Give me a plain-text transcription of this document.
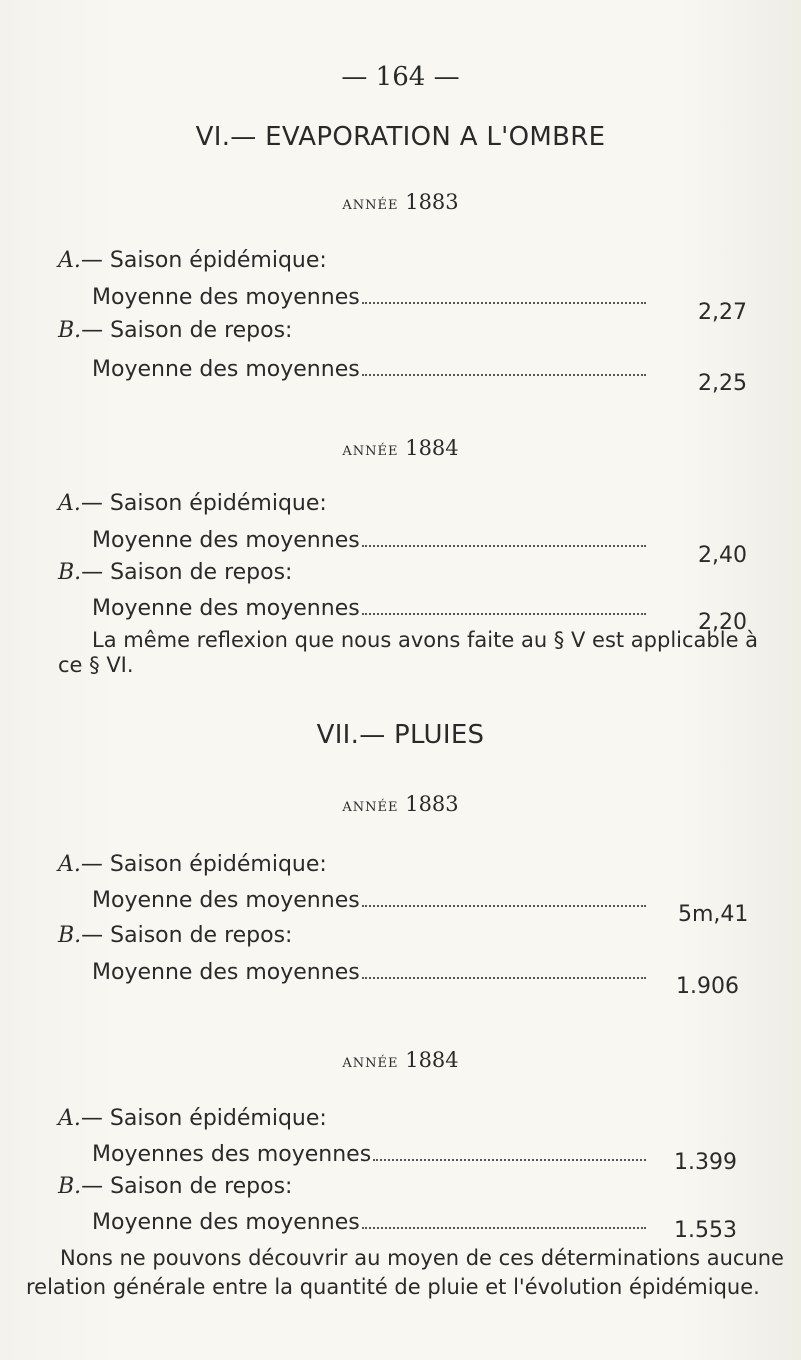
— 164 —
VI.— EVAPORATION A L'OMBRE
année 1883
A.— Saison épidémique:
Moyenne des moyennes
2,27
B.— Saison de repos:
Moyenne des moyennes
2,25
année 1884
A.— Saison épidémique:
Moyenne des moyennes
2,40
B.— Saison de repos:
Moyenne des moyennes
2,20
La même reflexion que nous avons faite au § V est applicable à
ce § VI.
VII.— PLUIES
année 1883
A.— Saison épidémique:
Moyenne des moyennes
5m,41
B.— Saison de repos:
Moyenne des moyennes
1.906
année 1884
A.— Saison épidémique:
Moyennes des moyennes	1.399
B.— Saison de repos:
Moyenne des moyennes	1.553
Nons ne pouvons découvrir au moyen de ces déterminations aucune
relation générale entre la quantité de pluie et l'évolution épidémique.
